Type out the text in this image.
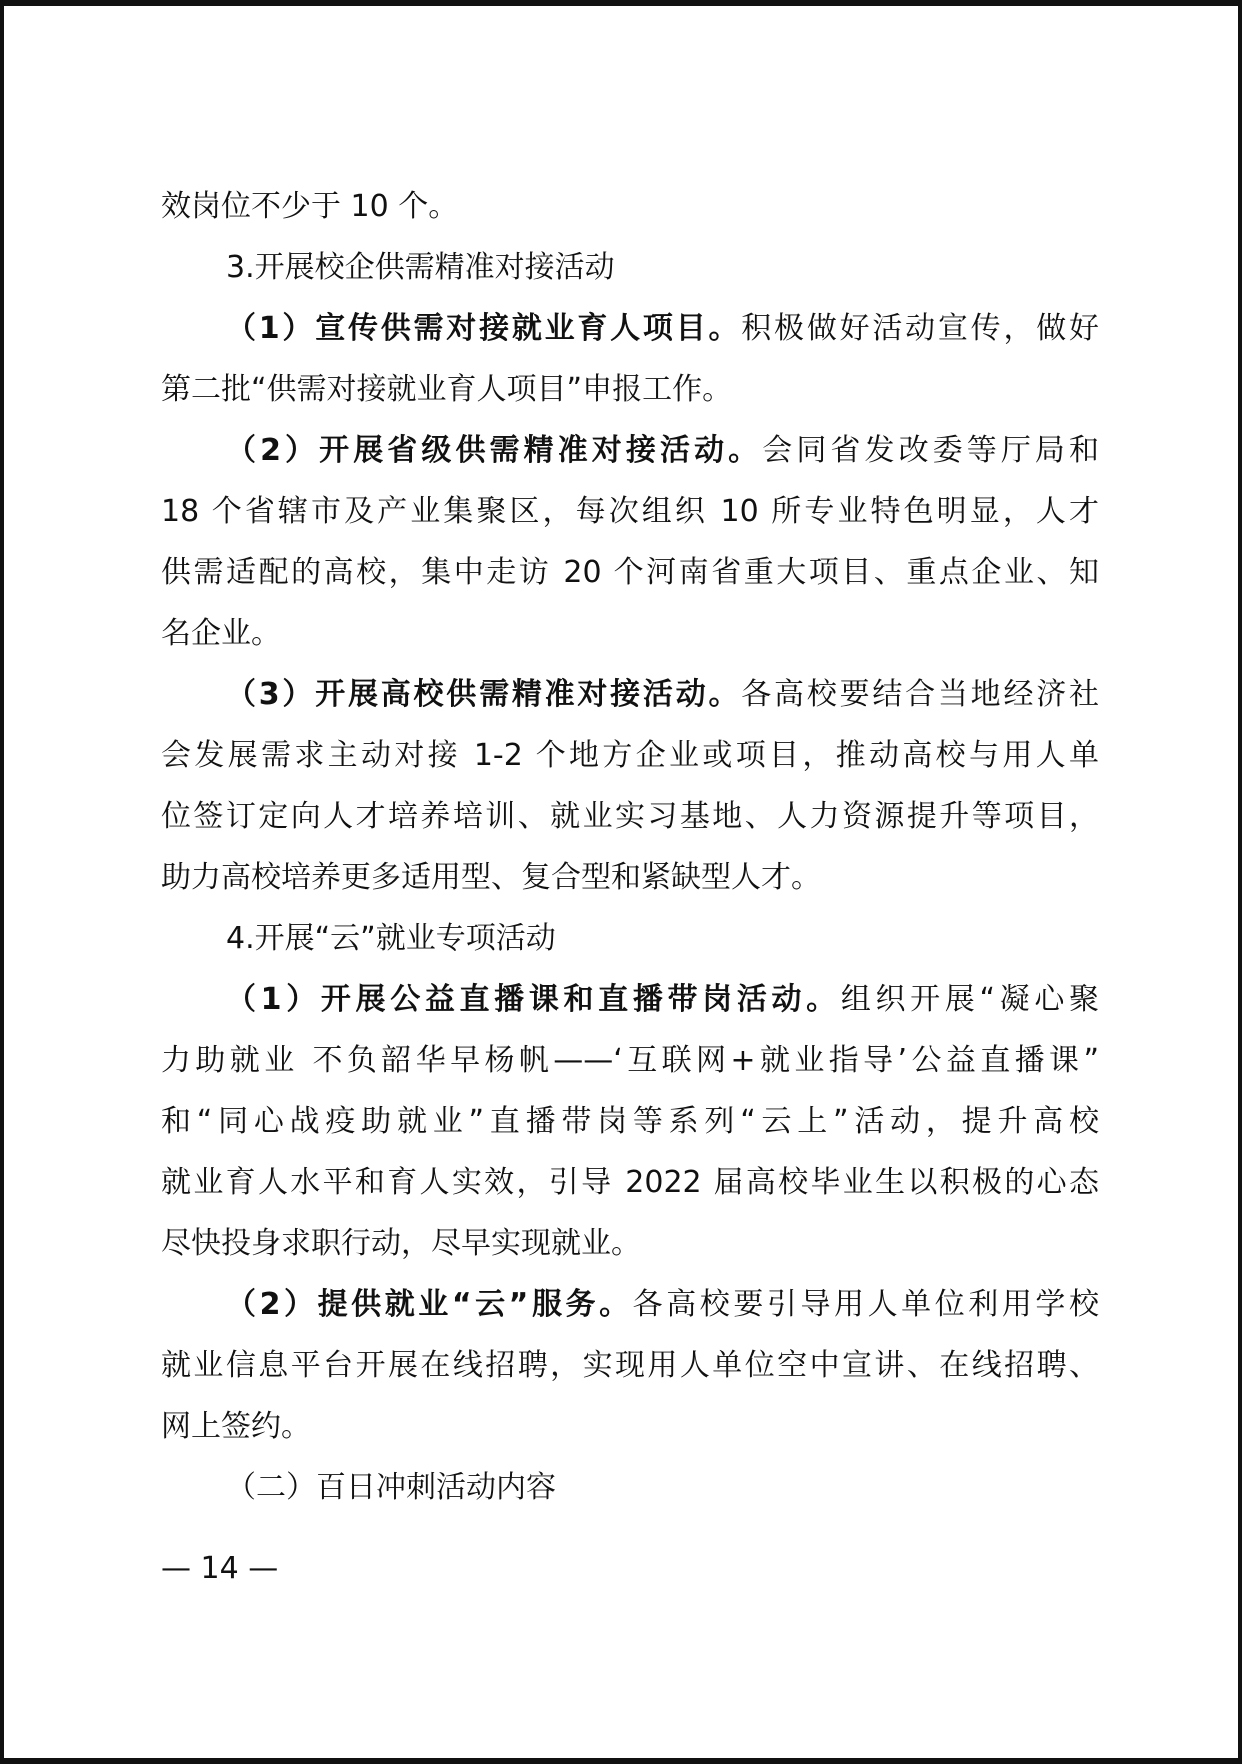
效岗位不少于 10 个。
3.开展校企供需精准对接活动
（1）宣传供需对接就业育人项目。积极做好活动宣传，做好
第二批“供需对接就业育人项目”申报工作。
（2）开展省级供需精准对接活动。会同省发改委等厅局和
18 个省辖市及产业集聚区，每次组织 10 所专业特色明显，人才
供需适配的高校，集中走访 20 个河南省重大项目、重点企业、知
名企业。
（3）开展高校供需精准对接活动。各高校要结合当地经济社
会发展需求主动对接 1-2 个地方企业或项目，推动高校与用人单
位签订定向人才培养培训、就业实习基地、人力资源提升等项目，
助力高校培养更多适用型、复合型和紧缺型人才。
4.开展“云”就业专项活动
（1）开展公益直播课和直播带岗活动。组织开展“凝心聚
力助就业 不负韶华早杨帆——‘互联网+就业指导’公益直播课”
和“同心战疫助就业”直播带岗等系列“云上”活动，提升高校
就业育人水平和育人实效，引导 2022 届高校毕业生以积极的心态
尽快投身求职行动，尽早实现就业。
（2）提供就业“云”服务。各高校要引导用人单位利用学校
就业信息平台开展在线招聘，实现用人单位空中宣讲、在线招聘、
网上签约。
（二）百日冲刺活动内容
— 14 —
